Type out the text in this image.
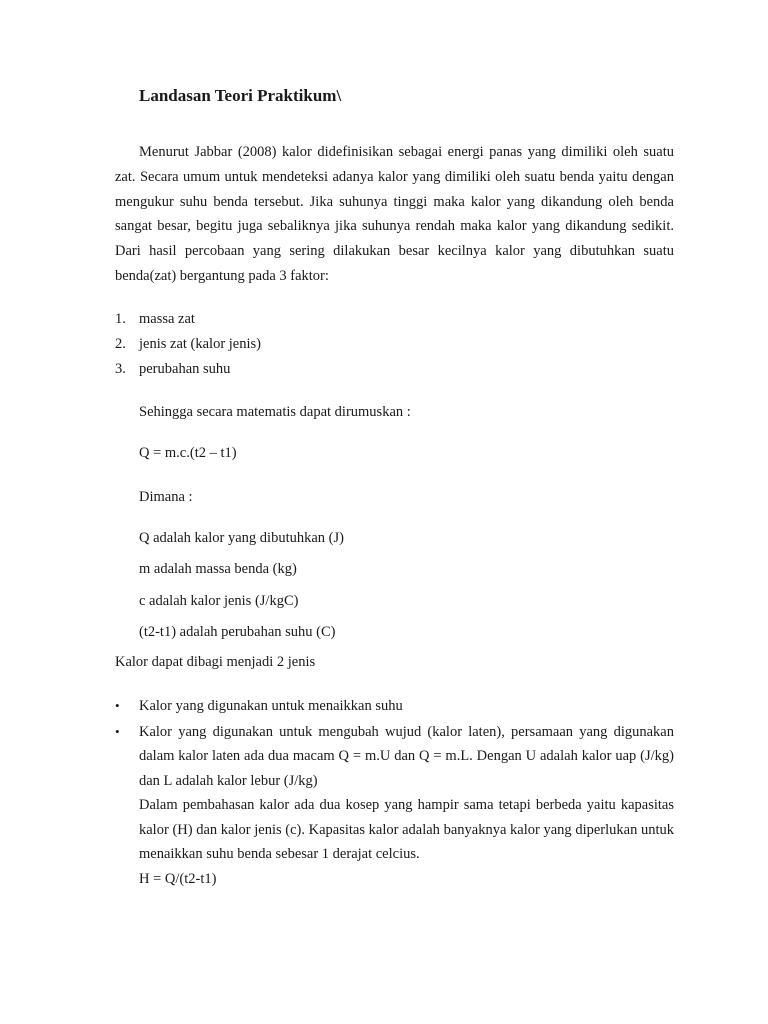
Landasan Teori Praktikum\

Menurut Jabbar (2008) kalor didefinisikan sebagai energi panas yang dimiliki oleh suatu zat. Secara umum untuk mendeteksi adanya kalor yang dimiliki oleh suatu benda yaitu dengan mengukur suhu benda tersebut. Jika suhunya tinggi maka kalor yang dikandung oleh benda sangat besar, begitu juga sebaliknya jika suhunya rendah maka kalor yang dikandung sedikit. Dari hasil percobaan yang sering dilakukan besar kecilnya kalor yang dibutuhkan suatu benda(zat) bergantung pada 3 faktor:

1. massa zat
2. jenis zat (kalor jenis)
3. perubahan suhu

Sehingga secara matematis dapat dirumuskan :

Q = m.c.(t2 – t1)

Dimana :

Q adalah kalor yang dibutuhkan (J)

m adalah massa benda (kg)

c adalah kalor jenis (J/kgC)

(t2-t1) adalah perubahan suhu (C)

Kalor dapat dibagi menjadi 2 jenis

• Kalor yang digunakan untuk menaikkan suhu

• Kalor yang digunakan untuk mengubah wujud (kalor laten), persamaan yang digunakan dalam kalor laten ada dua macam Q = m.U dan Q = m.L. Dengan U adalah kalor uap (J/kg) dan L adalah kalor lebur (J/kg)

Dalam pembahasan kalor ada dua kosep yang hampir sama tetapi berbeda yaitu kapasitas kalor (H) dan kalor jenis (c). Kapasitas kalor adalah banyaknya kalor yang diperlukan untuk menaikkan suhu benda sebesar 1 derajat celcius.

H = Q/(t2-t1)
